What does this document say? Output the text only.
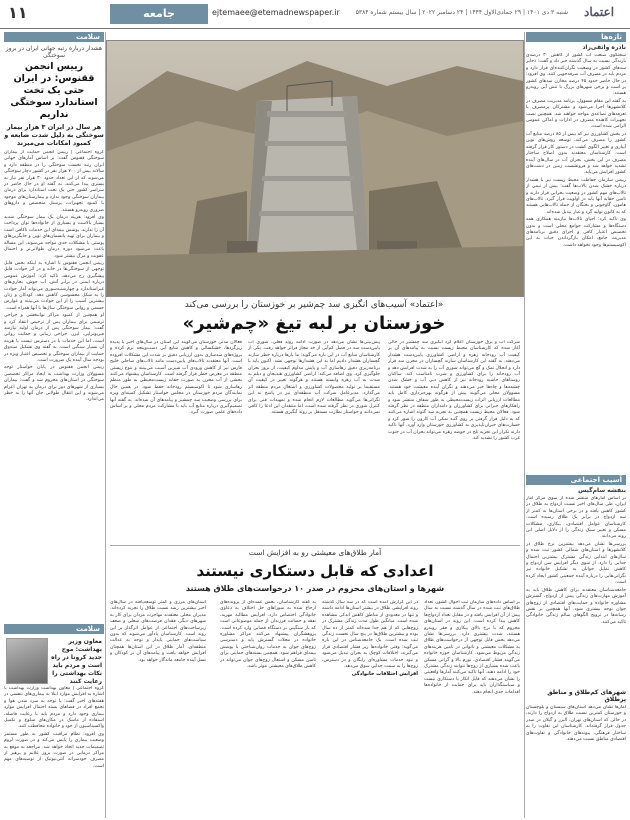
اعتماد
شنبه ۳ دی ۱۴۰۱ | ۲۹ جمادی‌الاول ۱۴۴۴ | ۲۴ دسامبر ۲۰۲۲ | سال بیستم شماره ۵۳۸۴
ejtemaee@etemadnewspaper.ir
جامعه
۱۱
تازه‌ها
نادره واثقی‌راد

سخنگوی صنعت آب کشور از کاهش ۳۰ درصدی بارندگی نسبت به سال گذشته خبر داد و گفت: ذخایر سدهای کشور در وضعیت نگران‌کننده‌ای قرار دارد و مردم باید در مصرف آب صرفه‌جویی کنند. وی افزود: در حال حاضر حدود ۴۵ درصد مخازن سدهای کشور پر است و برخی شهرهای بزرگ با تنش آبی روبه‌رو هستند.

به گفته این مقام مسوول، برنامه مدیریت مصرف در کلانشهرها اجرا می‌شود و مشترکان پرمصرف با تعرفه‌های تصاعدی مواجه خواهند شد. همچنین نصب تجهیزات کاهنده مصرف در ادارات و اماکن عمومی الزامی شده است.

در بخش کشاورزی نیز که بیش از ۸۵ درصد منابع آب کشور را مصرف می‌کند، توسعه روش‌های نوین آبیاری و تغییر الگوی کشت در دستور کار قرار گرفته است. کارشناسان معتقدند بدون اصلاح ساختار مصرف در این بخش، بحران آب در سال‌های آینده تشدید خواهد شد و فرونشست زمین در دشت‌های کشور افزایش می‌یابد.

رییس سازمان حفاظت محیط زیست نیز با هشدار درباره خشک شدن تالاب‌ها گفت: بیش از نیمی از تالاب‌های مهم کشور در وضعیت بحرانی قرار دارند و تامین حقابه آنها باید در اولویت قرار گیرد. تالاب‌های هامون، گاوخونی و بختگان از جمله تالاب‌هایی هستند که به کانون تولید گرد و غبار تبدیل شده‌اند.

وی تاکید کرد: احیای تالاب‌ها نیازمند همکاری همه دستگاه‌ها و مشارکت جوامع محلی است و بدون تخصیص اعتبار کافی و اجرای دقیق برنامه‌های مدیریت جامع، امکان بازگرداندن حیات به این اکوسیستم‌ها وجود نخواهد داشت.

آسیب اجتماعی
بنفشه سام‌گیس

بر اساس آمارهای منتشر شده از سوی مرکز آمار ایران، طی سال‌های اخیر نسبت ازدواج به طلاق در کشور کاهش یافته و در برخی استان‌ها به کمتر از سه ازدواج در برابر یک طلاق رسیده است. کارشناسان عوامل اقتصادی، بیکاری، مشکلات مسکن و تغییر سبک زندگی را از دلایل اصلی این روند می‌دانند.

بررسی‌ها نشان می‌دهد بیشترین نرخ طلاق در کلانشهرها و استان‌های شمالی کشور ثبت شده و سال‌های ابتدایی زندگی مشترک بیشترین احتمال جدایی را دارد. از سوی دیگر افزایش سن ازدواج و کاهش تمایل جوانان به تشکیل خانواده نیز نگرانی‌هایی را درباره آینده جمعیتی کشور ایجاد کرده است.

جامعه‌شناسان معتقدند برای کاهش طلاق باید به آموزش مهارت‌های زندگی پیش از ازدواج، گسترش مشاوره خانواده و حمایت‌های اقتصادی از زوج‌های جوان توجه بیشتری شود. آنها همچنین بر نقش رسانه‌ها در ترویج الگوهای سالم زندگی خانوادگی تاکید می‌کنند.

شهرهای کم‌طلاق و مناطق پرطلاق
آمارها نشان می‌دهد استان‌های سیستان و بلوچستان و خوزستان کمترین نسبت طلاق به ازدواج را دارند، در حالی که استان‌های تهران، البرز و گیلان در صدر جدول قرار گرفته‌اند. کارشناسان این تفاوت را به ساختار فرهنگی، پیوندهای خانوادگی و تفاوت‌های اقتصادی مناطق نسبت می‌دهند.
سلامت
هشدار درباره رتبه جهانی ایران در بروز سوختگی
رییس انجمن ققنوس: در ایران حتی یک تخت استاندارد سوختگی نداریم
هر سال در ایران ۳ هزار بیمار سوختگی به دلیل شدت ضایعه و کمبود امکانات می‌میرند

گروه اجتماعی | رییس انجمن حمایت از بیماران سوختگی ققنوس گفت: بر اساس آمارهای جهانی ایران رتبه نخست سوختگی را در منطقه دارد و سالانه بیش از ۷۰۰ هزار نفر در کشور دچار سوختگی می‌شوند که از این تعداد حدود ۳۰ هزار نفر نیاز به بستری پیدا می‌کنند. به گفته او در حال حاضر در سراسر کشور حتی یک تخت استاندارد برای درمان بیماران سوختگی وجود ندارد و بیمارستان‌های موجود با کمبود تجهیزات، پرسنل متخصص و داروهای ضروری روبه‌رو هستند.

وی افزود: هزینه درمان یک بیمار سوختگی شدید بسیار بالاست و بسیاری از خانواده‌ها توان پرداخت آن را ندارند. پوشش بیمه‌ای این خدمات ناکافی است و بیماران برای تهیه پانسمان‌های نوین و جایگزین‌های پوستی با مشکلات جدی مواجه می‌شوند. این مساله باعث می‌شود دوره درمان طولانی‌تر و احتمال عفونت و مرگ بیشتر شود.

رییس انجمن ققنوس با اشاره به اینکه بخش قابل توجهی از سوختگی‌ها در خانه و در اثر حوادث قابل پیشگیری رخ می‌دهد، تاکید کرد: آموزش عمومی درباره ایمنی در برابر آتش، آب جوش، بخاری‌های غیراستاندارد و چهارشنبه‌سوری می‌تواند آمار حوادث را به شکل محسوسی کاهش دهد. کودکان و زنان بیشترین آسیب را از این حوادث می‌بینند و عوارض جسمی و روانی سوختگی سال‌ها با آنها همراه است.

او همچنین از کمبود مراکز توانبخشی و جراحی ترمیمی برای بیماران پس از ترخیص انتقاد کرد و گفت: بیمار سوختگی پس از درمان اولیه نیازمند فیزیوتراپی، لیزر، جراحی زیبایی و حمایت روانی است، اما این خدمات یا در دسترس نیست یا هزینه آن بسیار سنگین است. به گفته وی تشکیل صندوق حمایت از بیماران سوختگی و تخصیص اعتبار ویژه در بودجه سال آینده یک ضرورت است.

رییس انجمن ققنوس در پایان خواستار توجه مسوولان وزارت بهداشت به ایجاد مراکز تخصصی سوختگی در استان‌های محروم شد و گفت: بیماران بسیاری از شهرهای دور برای درمان به تهران اعزام می‌شوند و این انتقال طولانی جان آنها را به خطر می‌اندازد.

سلامت
معاون وزیر بهداشت: موج جدید کرونا در راه است و مردم باید نکات بهداشتی را رعایت کنند

گروه اجتماعی | معاون بهداشت وزارت بهداشت با اشاره به افزایش موارد ابتلا به بیماری‌های تنفسی در هفته‌های اخیر گفت: با توجه به سرد شدن هوا و تجمع افراد در فضاهای بسته احتمال افزایش موارد بیماری وجود دارد و مردم باید با رعایت فاصله، استفاده از ماسک در مکان‌های شلوغ و تکمیل واکسیناسیون از خود و خانواده محافظت کنند.

وی افزود: نظام مراقبت کشور به طور مستمر وضعیت بیماری را پایش می‌کند و در صورت لزوم تصمیمات جدید اتخاذ خواهد شد. مراجعه به موقع به مراکز درمانی در صورت بروز علایم و پرهیز از مصرف خودسرانه آنتی‌بیوتیک از توصیه‌های مهم است.

«اعتماد» آسیب‌های انگیزی سد چم‌شیر بر خوزستان را بررسی می‌کند
خوزستان بر لبه تیغ «چم‌شیر»
شرکت آب و برق خوزستان اعلام کرد آبگیری سد چمشیر در حالی آغاز شده که کارشناسان محیط زیست نسبت به پیامدهای آن بر کیفیت آب رودخانه زهره و اراضی کشاورزی پایین‌دست هشدار می‌دهند. به گفته این کارشناسان سازند گچساران در مخزن سد قرار دارد و انحلال نمک و گچ می‌تواند شوری آب را به شدت افزایش دهد و آب رودخانه را برای کشاورزی و شرب نامناسب کند. ساکنان روستاهای حاشیه رودخانه نیز از کاهش دبی آب و خشک شدن چشمه‌ها و چاه‌ها خبر می‌دهند و نگران آینده معیشت خود هستند. مسوولان محلی می‌گویند پیش از هرگونه بهره‌برداری کامل باید مطالعات ارزیابی اثرات زیست‌محیطی به طور شفاف منتشر شود و راهکارهای جبرانی برای کشاورزان و دامداران منطقه در نظر گرفته شود. فعالان محیط زیست همچنین به تجربه سد گتوند اشاره می‌کنند که به دلیل قرار گرفتن بر روی گنبد نمکی آب کارون را شور کرد و خسارت‌های جبران‌ناپذیری به کشاورزی خوزستان وارد آورد. آنها تاکید دارند تکرار این تجربه تلخ در حوضه زهره می‌تواند بحران آب در جنوب غرب کشور را تشدید کند.
پیش‌بینی‌ها نشان می‌دهد در صورت ادامه روند فعلی، شوری آب پایین‌دست سد در فصل کم‌آبی از حد مجاز فراتر خواهد رفت. یکی از کارشناسان منابع آب در این باره می‌گوید: ما بارها درباره خطر سازند گچساران هشدار دادیم اما به این هشدارها توجهی نشد. اکنون باید با برنامه‌ریزی دقیق رهاسازی آب و پایش مداوم کیفیت، از بروز بحران جلوگیری کرد. وی اضافه می‌کند: اراضی کشاورزی هندیجان و دیلم به شدت به آب زهره وابسته هستند و هرگونه تغییر در کیفیت آن مستقیما بر تولید محصولات کشاورزی و اشتغال مردم منطقه اثر می‌گذارد. مدیرعامل شرکت آب منطقه‌ای نیز در پاسخ به این نگرانی‌ها می‌گوید مطالعات لازم انجام شده و تمهیدات فنی برای کنترل شوری در نظر گرفته شده است، اما منتقدان این ادعا را کافی نمی‌دانند و خواستار نظارت مستقل بر روند آبگیری هستند.
فعالان مدنی خوزستان می‌گویند این استان در سال‌های اخیر با پدیده ریزگردها، خشکسالی و کاهش منابع آبی دست‌وپنجه نرم کرده و پروژه‌های سدسازی بدون ارزیابی دقیق بر شدت این مشکلات افزوده است. آنها معتقدند تالاب‌های پایین‌دست مانند تالاب‌های ساحلی خلیج فارس نیز از کاهش ورودی آب شیرین آسیب می‌بینند و تنوع زیستی منطقه در معرض خطر قرار گرفته است. کارشناسان پیشنهاد می‌کنند بخشی از آب مخزن به صورت حقابه زیست‌محیطی به طور منظم رهاسازی شود تا اکوسیستم رودخانه حفظ شود. در همین حال نمایندگان مردم خوزستان در مجلس خواستار تشکیل کمیته‌ای ویژه برای بررسی وضعیت سد چمشیر و پیامدهای آن شده‌اند. به گفته آنها تصمیم‌گیری درباره منابع آب باید با مشارکت مردم محلی و بر اساس داده‌های علمی صورت گیرد.
آمار طلاق‌های معیشتی رو به افزایش است
اعدادی که قابل دستکاری نیستند
شهرها و استان‌های محروم در صدر ۱۰ درخواست‌های طلاق هستند
بر اساس داده‌های سازمان ثبت احوال کشور، تعداد طلاق‌های ثبت شده در سال گذشته نسبت به سال پیش از آن افزایش یافته و در مقابل تعداد ازدواج‌ها کاهش پیدا کرده است. این روند در استان‌های محروم که با نرخ بالای بیکاری و فقر روبه‌رو هستند، شدت بیشتری دارد. بررسی‌ها نشان می‌دهد بخش قابل توجهی از درخواست‌های طلاق به مشکلات معیشتی و ناتوانی در تامین هزینه‌های زندگی مربوط می‌شود. کارشناسان حوزه خانواده می‌گویند فشار اقتصادی، تورم بالا و گرانی مسکن باعث شده بسیاری از زوج‌ها نتوانند زندگی مشترک خود را ادامه دهند. آنها تاکید می‌کنند آمارها واقعیتی را نشان می‌دهند که قابل انکار یا دستکاری نیست و سیاستگذاران باید برای حمایت از خانواده‌ها اقدامات جدی انجام دهند.

در این گزارش آمده است که در سه سال گذشته روند افزایشی طلاق در بیشتر استان‌ها ادامه داشته و تنها در معدودی از مناطق کاهش اندکی مشاهده شده است. میانگین طول مدت زندگی مشترک در زوج‌هایی که از هم جدا شده‌اند کمتر از ده سال بوده و بیشترین طلاق‌ها در پنج سال نخست زندگی ثبت شده است. یک جامعه‌شناس در این باره می‌گوید: وقتی خانواده‌ها زیر فشار اقتصادی قرار می‌گیرند، اختلافات کوچک به بحران تبدیل می‌شود و نبود خدمات مشاوره‌ای رایگان و در دسترس، زوج‌ها را به سمت جدایی سوق می‌دهد.

افزایش اختلافات خانوادگی

به گفته کارشناسان، بخش عمده‌ای از پرونده‌های ارجاع شده به شوراهای حل اختلاف به دعاوی خانوادگی اختصاص دارد. افزایش مطالبه مهریه، نفقه و حضانت فرزندان از جمله موضوعاتی است که بار سنگینی بر دستگاه قضایی وارد کرده است. پژوهشگران پیشنهاد می‌کنند مراکز مشاوره خانواده در محلات گسترش یابد و دسترسی زوج‌های جوان به خدمات روان‌شناختی با پوشش بیمه‌ای فراهم شود. همچنین بسته‌های حمایتی برای تامین مسکن و اشتغال زوج‌های جوان می‌تواند در کاهش طلاق‌های معیشتی موثر باشد.
استان‌های مرزی و کمتر توسعه‌یافته در سال‌های اخیر بیشترین رشد نسبت طلاق را تجربه کرده‌اند. مدیران محلی معتقدند مهاجرت مردان برای کار به شهرهای دیگر، فقدان فرصت‌های شغلی و ضعف زیرساخت‌های اجتماعی از عوامل اثرگذار بر این روند است. کارشناسان یادآور می‌شوند که بدون سیاست‌های حمایتی پایدار و توجه به عدالت منطقه‌ای، آمار طلاق در این استان‌ها همچنان افزایش خواهد یافت و پیامدهای آن بر کودکان و نسل آینده جامعه ماندگار خواهد بود.
